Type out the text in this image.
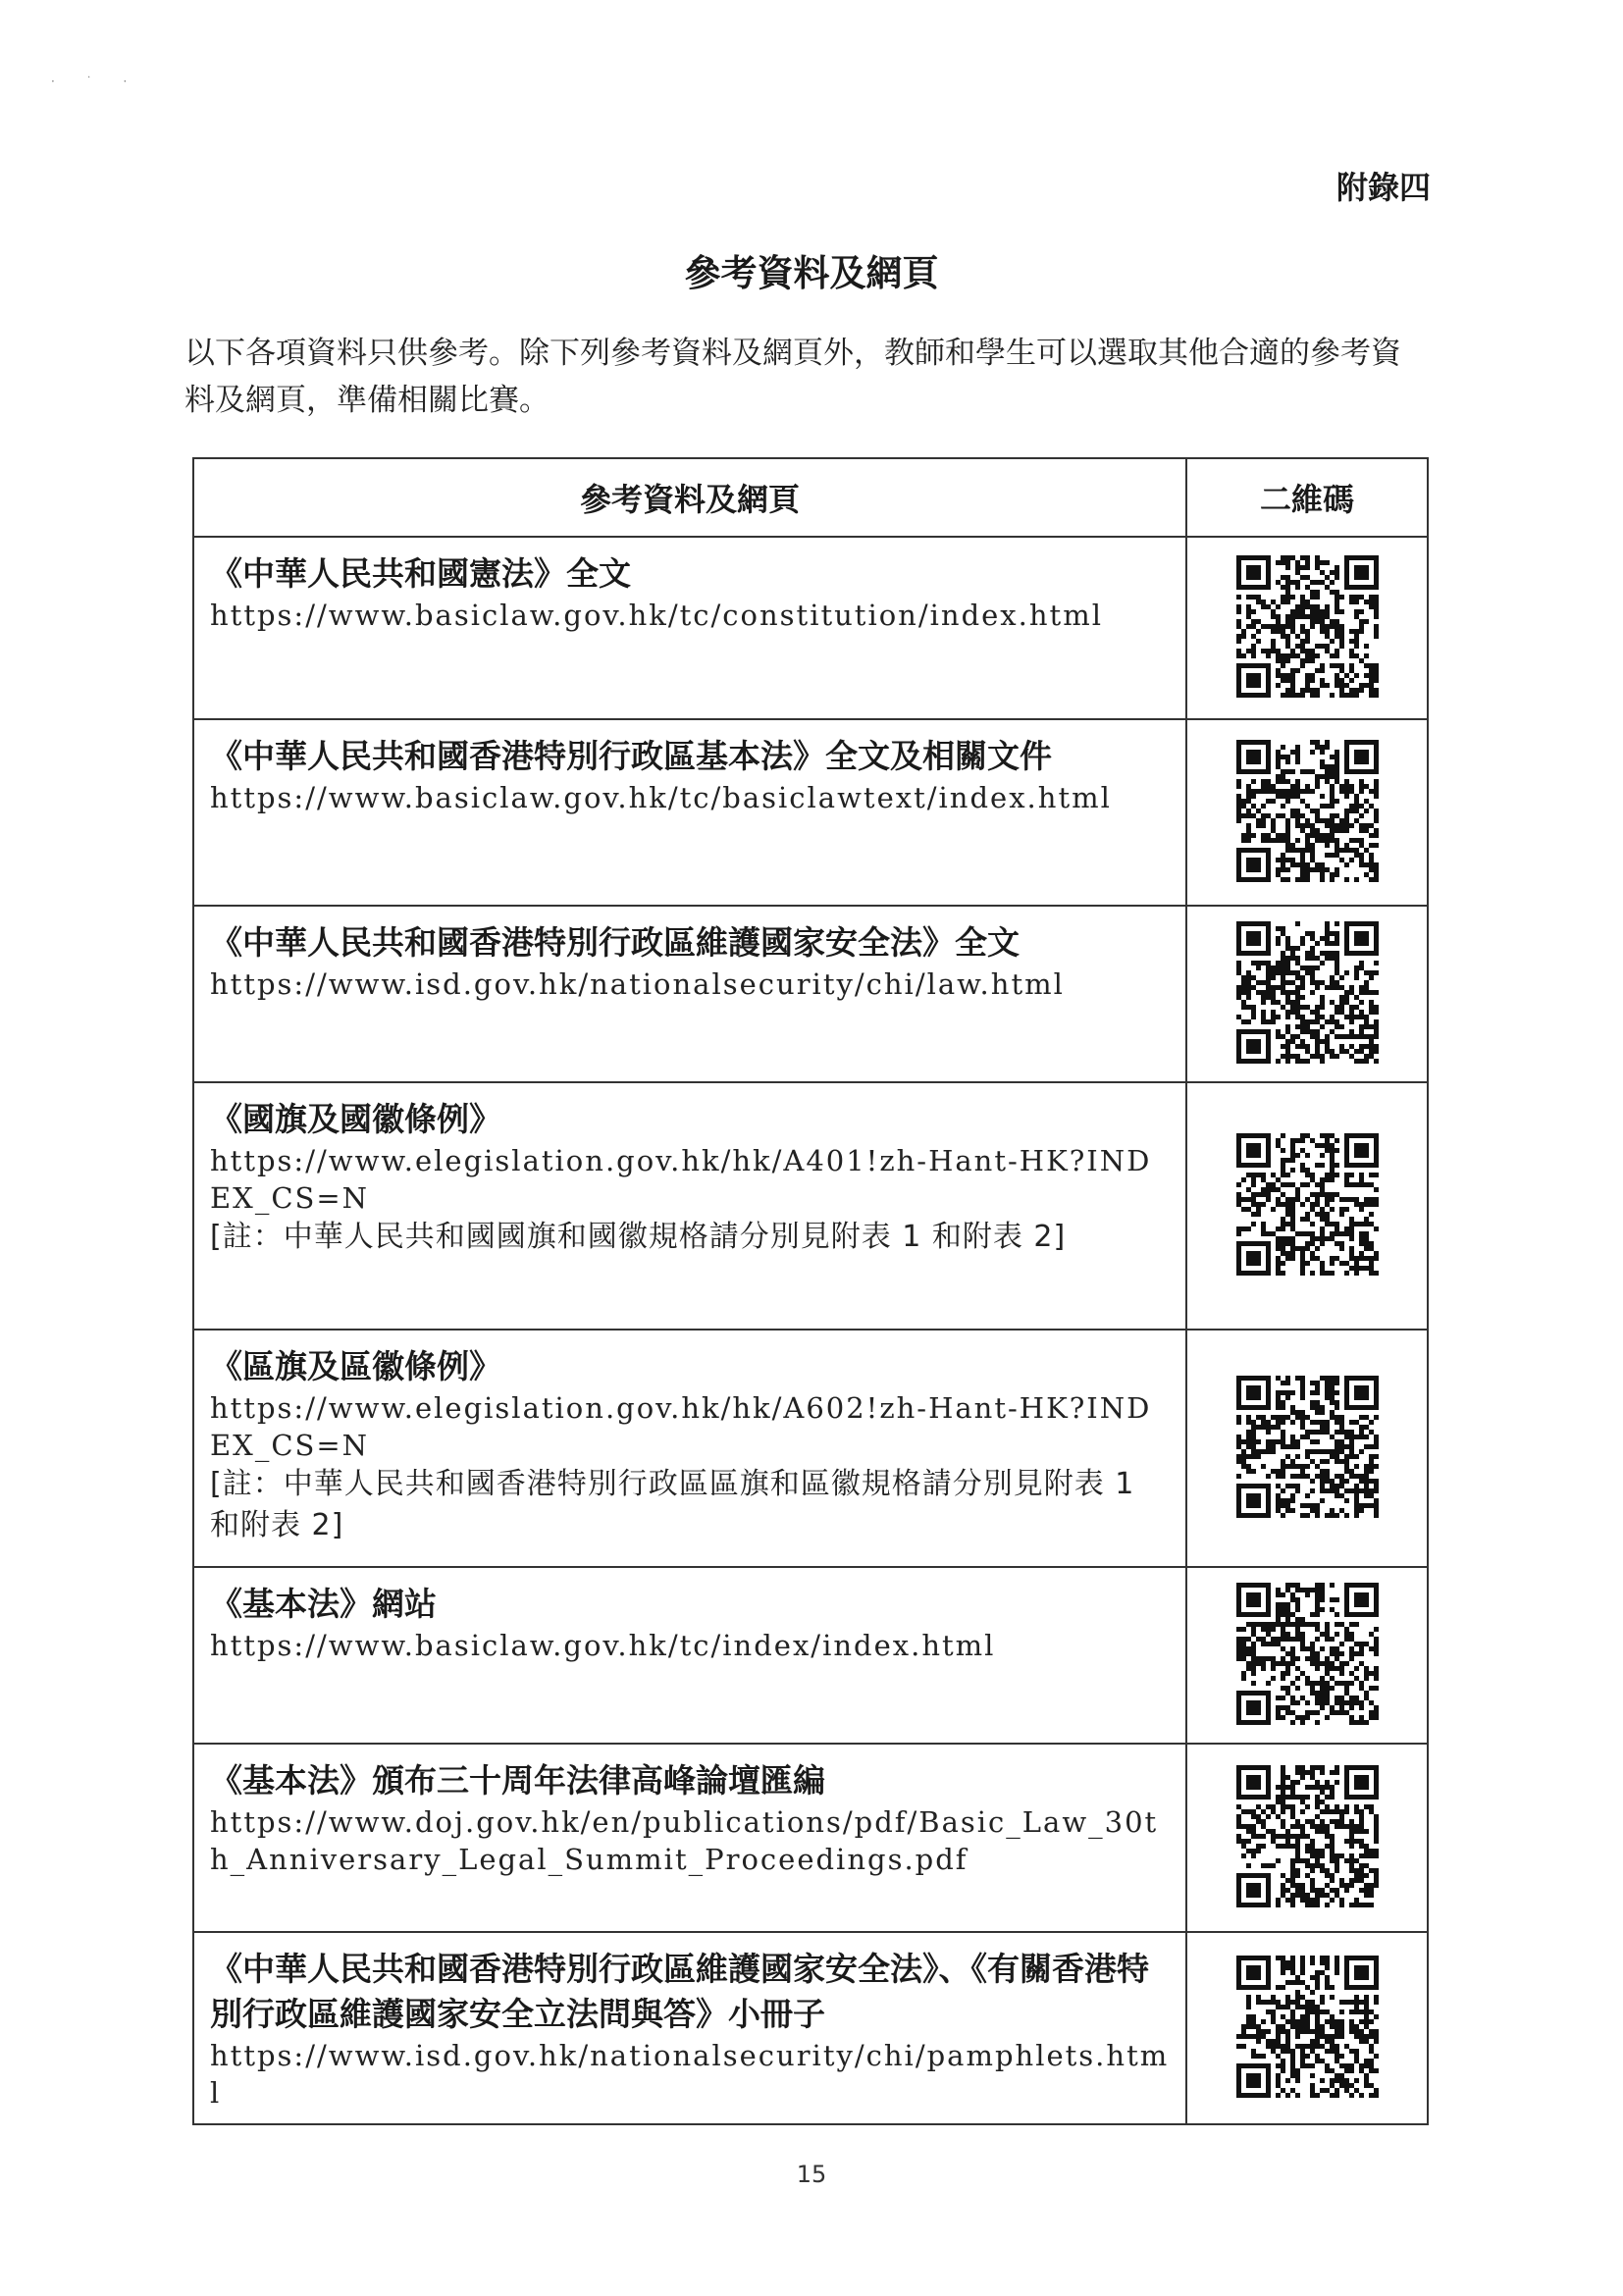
· ˙ ·
附錄四
參考資料及網頁
以下各項資料只供參考。除下列參考資料及網頁外，教師和學生可以選取其他合適的參考資料及網頁，準備相關比賽。
參考資料及網頁	二維碼

《中華人民共和國憲法》全文
https://www.basiclaw.gov.hk/tc/constitution/index.html

《中華人民共和國香港特別行政區基本法》全文及相關文件
https://www.basiclaw.gov.hk/tc/basiclawtext/index.html

《中華人民共和國香港特別行政區維護國家安全法》全文
https://www.isd.gov.hk/nationalsecurity/chi/law.html

《國旗及國徽條例》
https://www.elegislation.gov.hk/hk/A401!zh-Hant-HK?INDEX_CS=N
[註：中華人民共和國國旗和國徽規格請分別見附表 1 和附表 2]

《區旗及區徽條例》
https://www.elegislation.gov.hk/hk/A602!zh-Hant-HK?INDEX_CS=N
[註：中華人民共和國香港特別行政區區旗和區徽規格請分別見附表 1 和附表 2]

《基本法》網站
https://www.basiclaw.gov.hk/tc/index/index.html

《基本法》頒布三十周年法律高峰論壇匯編
https://www.doj.gov.hk/en/publications/pdf/Basic_Law_30th_Anniversary_Legal_Summit_Proceedings.pdf

《中華人民共和國香港特別行政區維護國家安全法》、《有關香港特別行政區維護國家安全立法問與答》小冊子
https://www.isd.gov.hk/nationalsecurity/chi/pamphlets.html

15
